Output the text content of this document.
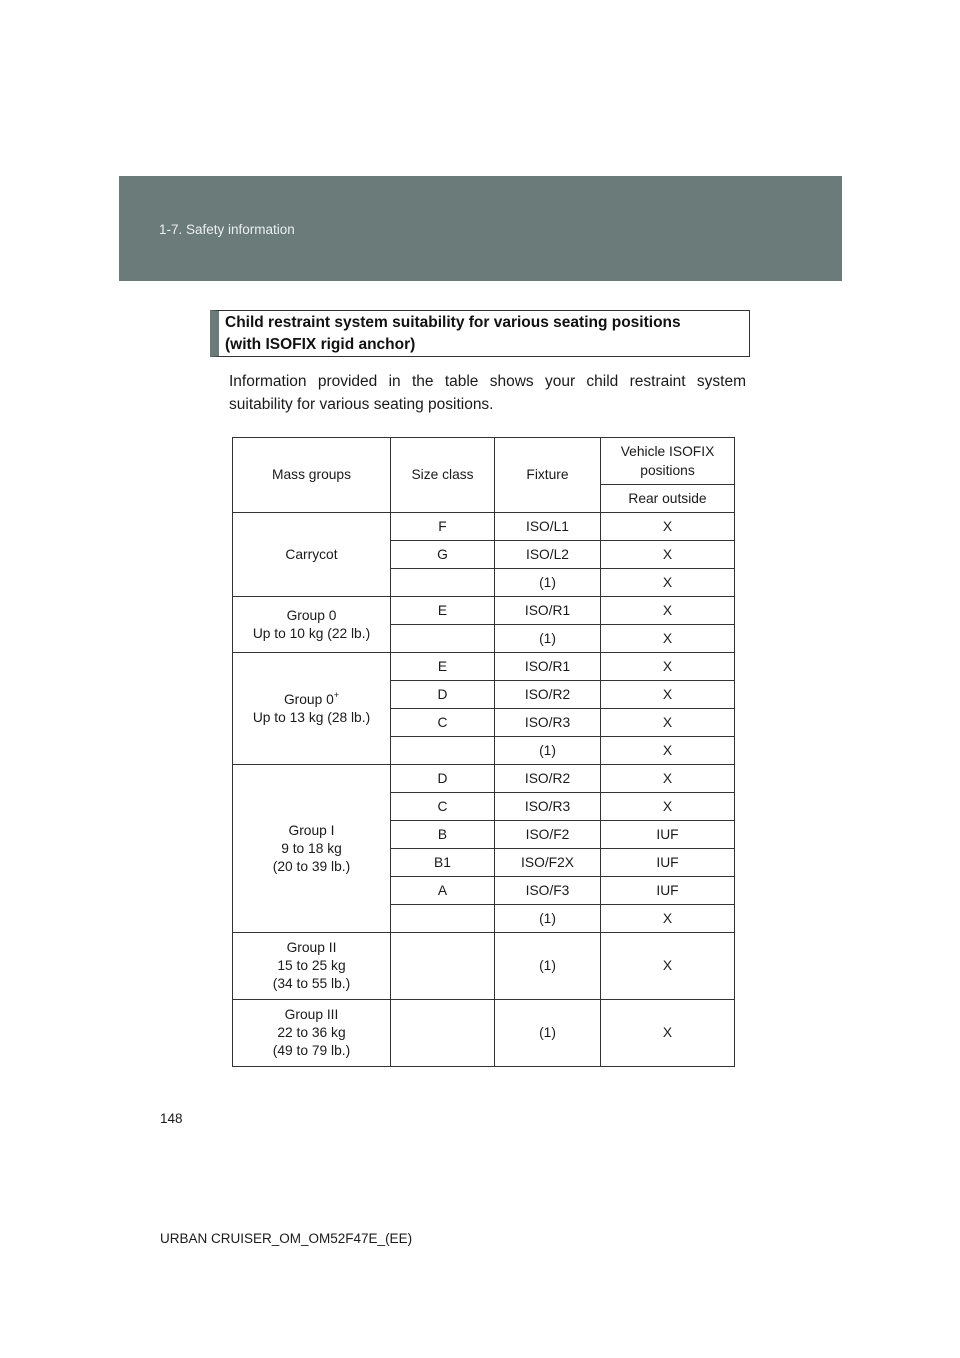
1-7. Safety information
Child restraint system suitability for various seating positions
(with ISOFIX rigid anchor)
Information provided in the table shows your child restraint system suitability for various seating positions.
Mass groups	Size class	Fixture	Vehicle ISOFIX positions
			Rear outside

Carrycot	F	ISO/L1	X
	G	ISO/L2	X
		(1)	X

Group 0
Up to 10 kg (22 lb.)	E	ISO/R1	X
		(1)	X

Group 0+
Up to 13 kg (28 lb.)	E	ISO/R1	X
	D	ISO/R2	X
	C	ISO/R3	X
		(1)	X

Group I
9 to 18 kg
(20 to 39 lb.)	D	ISO/R2	X
	C	ISO/R3	X
	B	ISO/F2	IUF
	B1	ISO/F2X	IUF
	A	ISO/F3	IUF
		(1)	X

Group II
15 to 25 kg
(34 to 55 lb.)		(1)	X

Group III
22 to 36 kg
(49 to 79 lb.)		(1)	X
148
URBAN CRUISER_OM_OM52F47E_(EE)
